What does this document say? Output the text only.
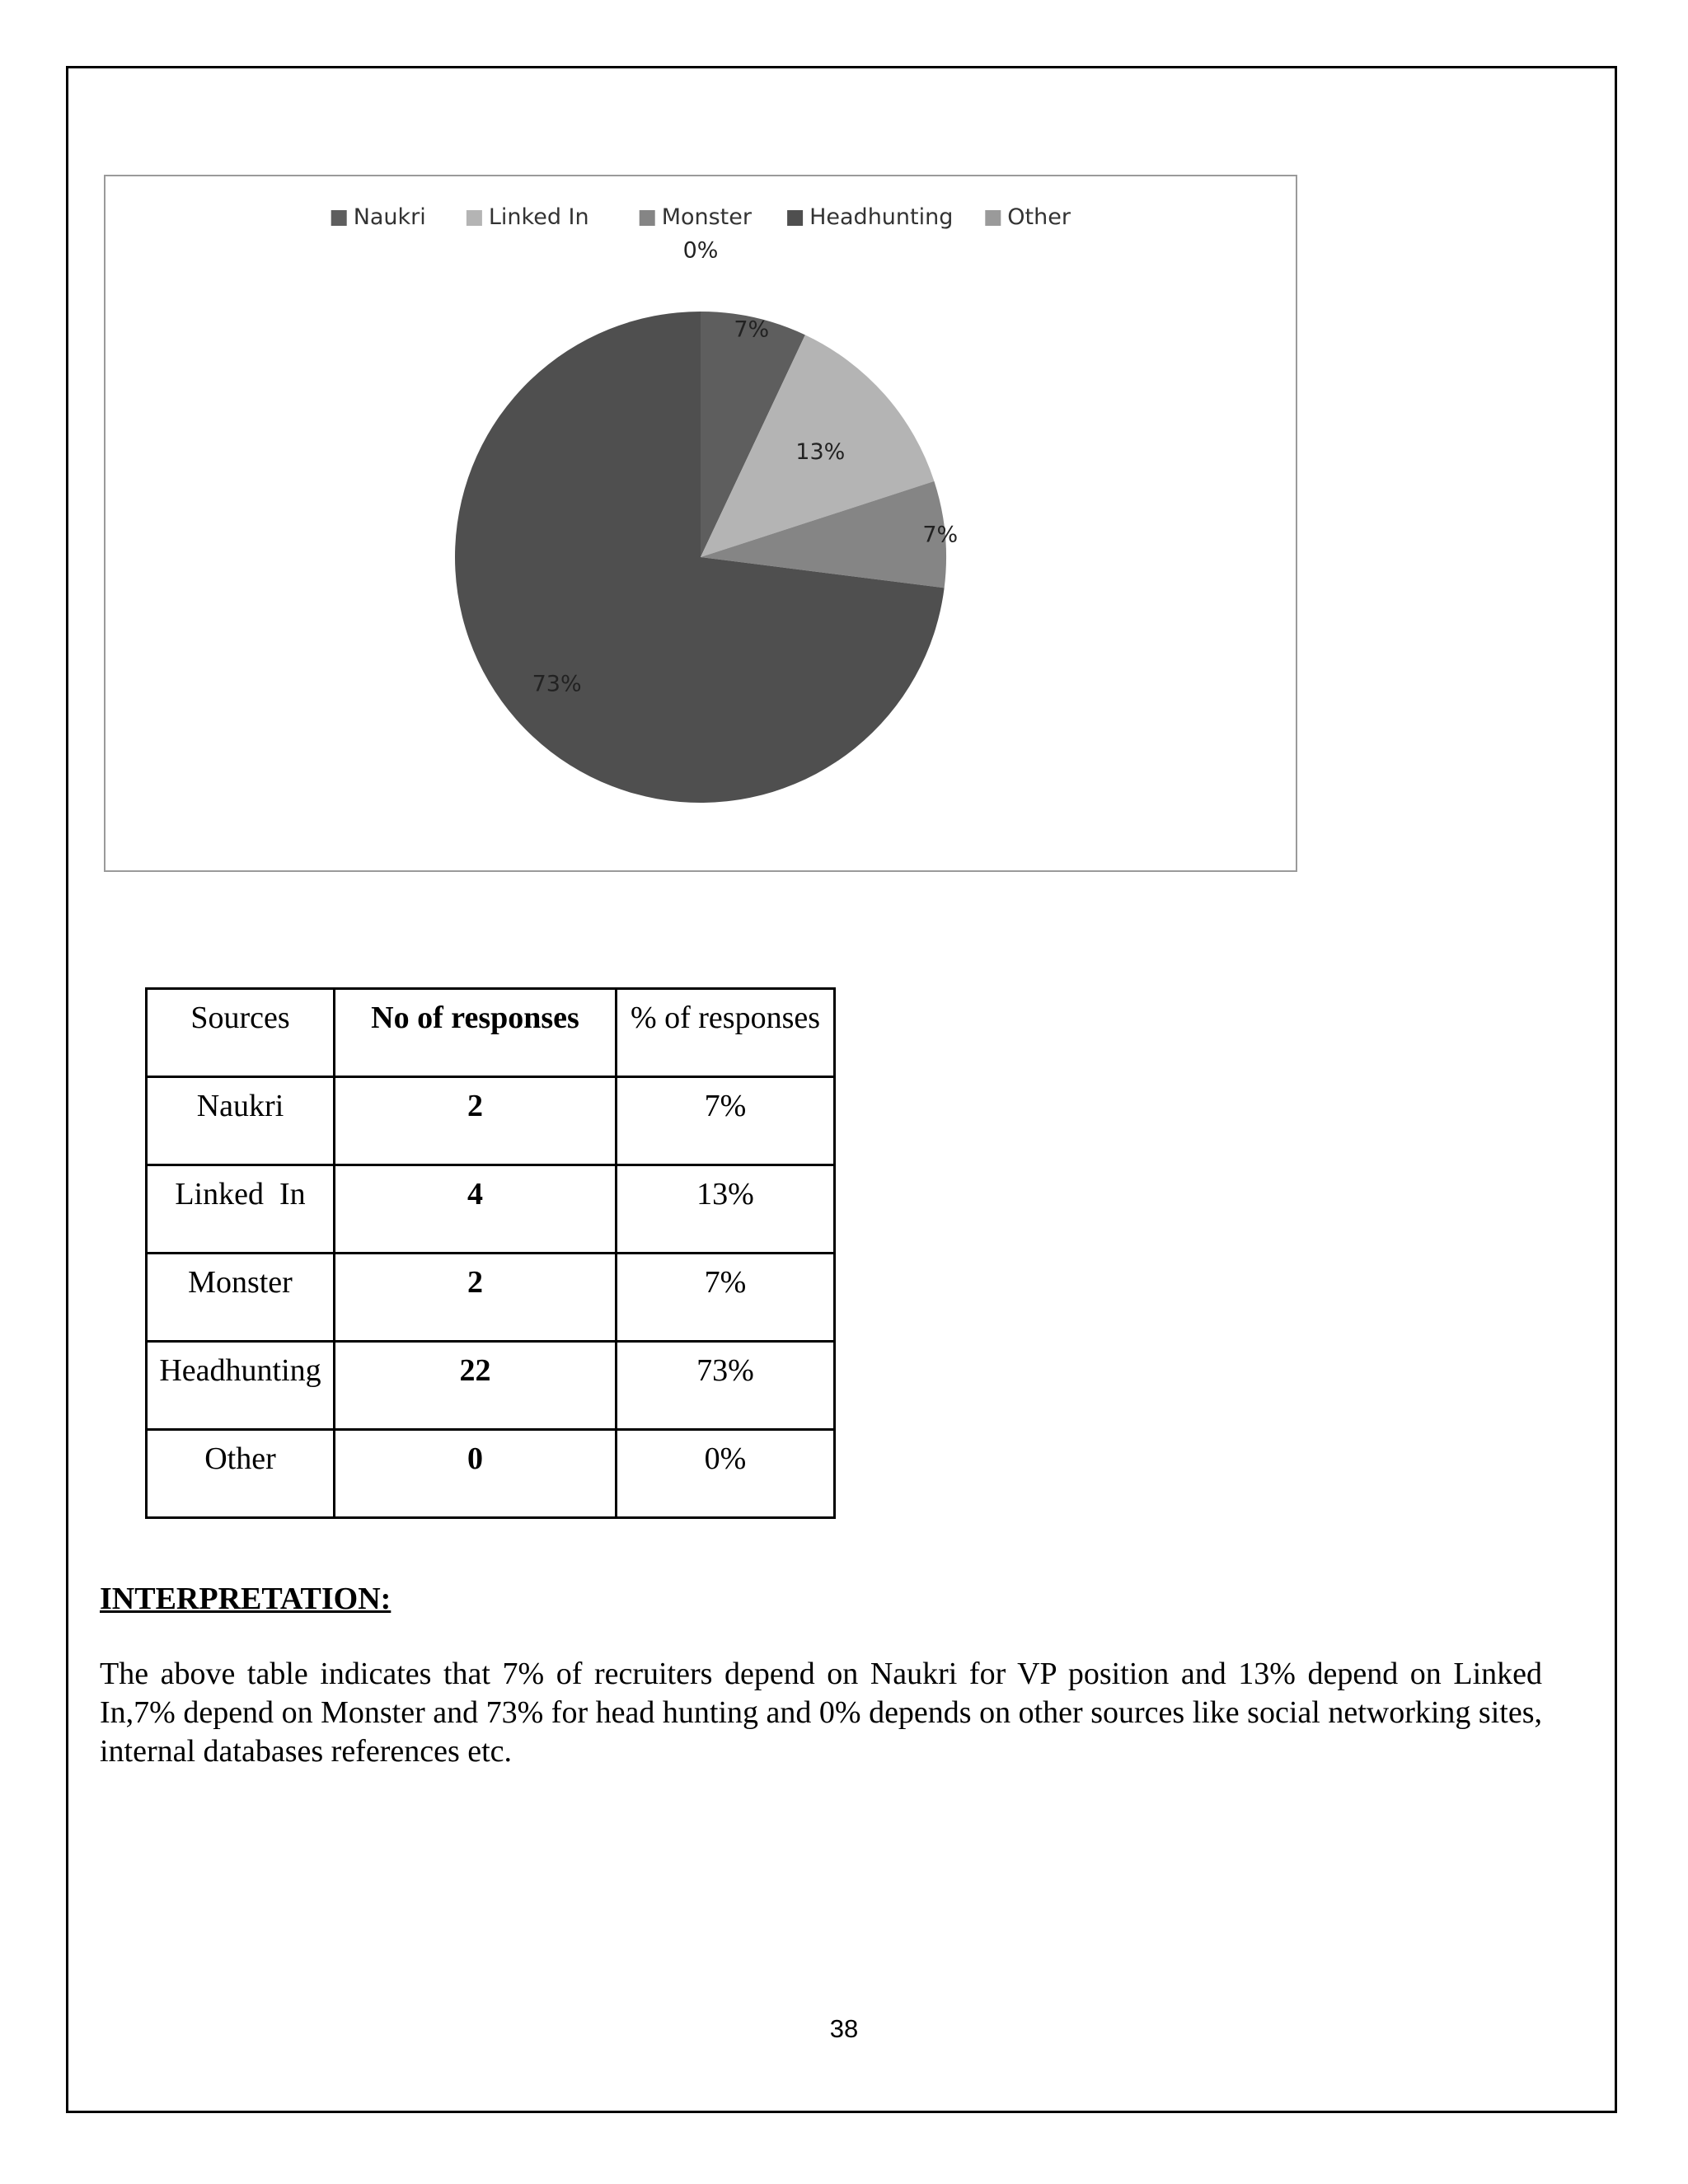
Naukri	Linked In	Monster	Headhunting Other
7%
13%
7%
73%
0%
Sources	No of responses	% of responses
Naukri	2	7%
Linked  In	4	13%
Monster	2	7%
Headhunting	22	73%
Other	0	0%
INTERPRETATION:
The above table indicates that 7% of recruiters depend on Naukri for VP position and 13% depend on Linked In,7% depend on Monster and 73% for head hunting and 0% depends on other sources like social networking sites, internal databases references etc.
38
